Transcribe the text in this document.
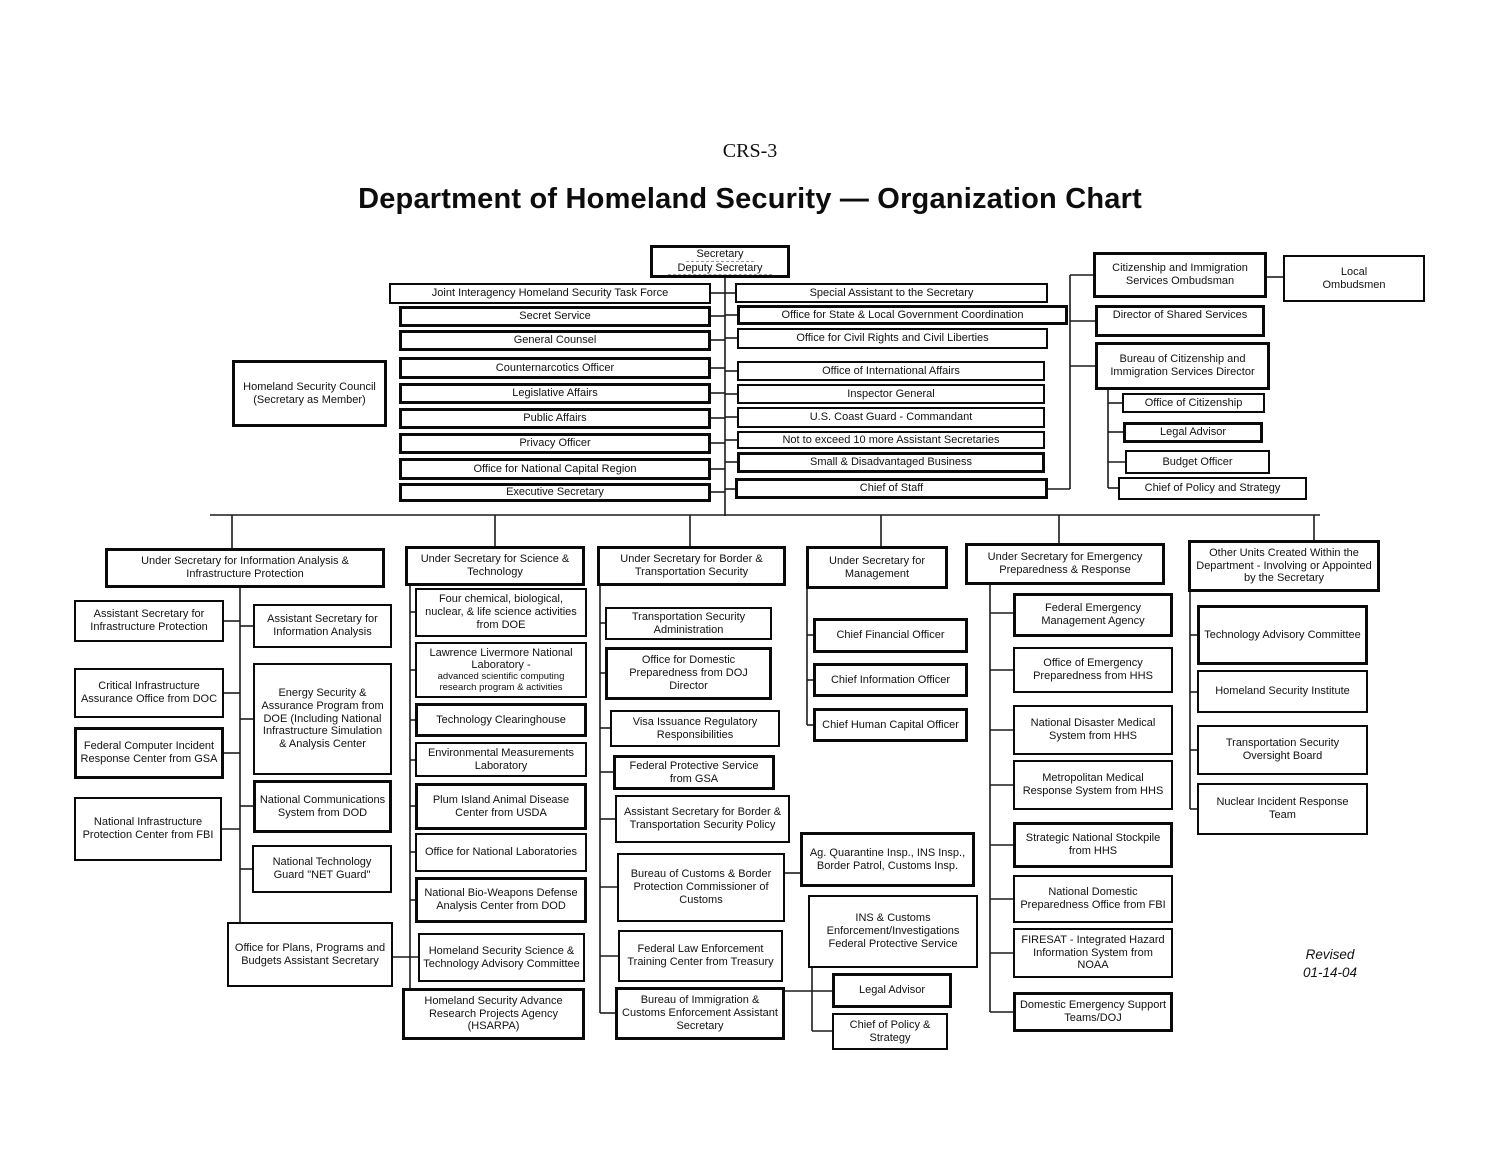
CRS-3
Department of Homeland Security — Organization Chart
Secretary
Deputy Secretary
Joint Interagency Homeland Security Task Force
Secret Service
General Counsel
Counternarcotics Officer
Legislative Affairs
Public Affairs
Privacy Officer
Office for National Capital Region
Executive Secretary
Homeland Security Council
(Secretary as Member)
Special Assistant to the Secretary
Office for State & Local Government Coordination
Office for Civil Rights and Civil Liberties
Office of International Affairs
Inspector General
U.S. Coast Guard - Commandant
Not to exceed 10 more Assistant Secretaries
Small & Disadvantaged Business
Chief of Staff
Citizenship and Immigration Services Ombudsman
Local
Ombudsmen
Director of Shared Services
Bureau of Citizenship and Immigration Services Director
Office of Citizenship
Legal Advisor
Budget Officer
Chief of Policy and Strategy
Under Secretary for Information Analysis & Infrastructure Protection
Under Secretary for Science & Technology
Under Secretary for Border & Transportation Security
Under Secretary for Management
Under Secretary for Emergency Preparedness & Response
Other Units Created Within the Department - Involving or Appointed by the Secretary
Assistant Secretary for Infrastructure Protection
Critical Infrastructure Assurance Office from DOC
Federal Computer Incident Response Center from GSA
National Infrastructure Protection Center from FBI
Assistant Secretary for Information Analysis
Energy Security & Assurance Program from DOE (Including National Infrastructure Simulation & Analysis Center
National Communications System from DOD
National Technology Guard "NET Guard"
Office for Plans, Programs and Budgets Assistant Secretary
Four chemical, biological, nuclear, & life science activities from DOE
Lawrence Livermore National Laboratory -
advanced scientific computing research program & activities
Technology Clearinghouse
Environmental Measurements Laboratory
Plum Island Animal Disease Center from USDA
Office for National Laboratories
National Bio-Weapons Defense Analysis Center from DOD
Homeland Security Science & Technology Advisory Committee
Homeland Security Advance Research Projects Agency (HSARPA)
Transportation Security Administration
Office for Domestic Preparedness from DOJ Director
Visa Issuance Regulatory Responsibilities
Federal Protective Service from GSA
Assistant Secretary for Border & Transportation Security Policy
Bureau of Customs & Border Protection Commissioner of Customs
Federal Law Enforcement Training Center from Treasury
Bureau of Immigration & Customs Enforcement Assistant Secretary
Ag. Quarantine Insp., INS Insp., Border Patrol, Customs Insp.
INS & Customs Enforcement/Investigations Federal Protective Service
Legal Advisor
Chief of Policy & Strategy
Chief Financial Officer
Chief Information Officer
Chief Human Capital Officer
Federal Emergency Management Agency
Office of Emergency Preparedness from HHS
National Disaster Medical System from HHS
Metropolitan Medical Response System from HHS
Strategic National Stockpile from HHS
National Domestic Preparedness Office from FBI
FIRESAT - Integrated Hazard Information System from NOAA
Domestic Emergency Support Teams/DOJ
Technology Advisory Committee
Homeland Security Institute
Transportation Security Oversight Board
Nuclear Incident Response Team
Revised
01-14-04
